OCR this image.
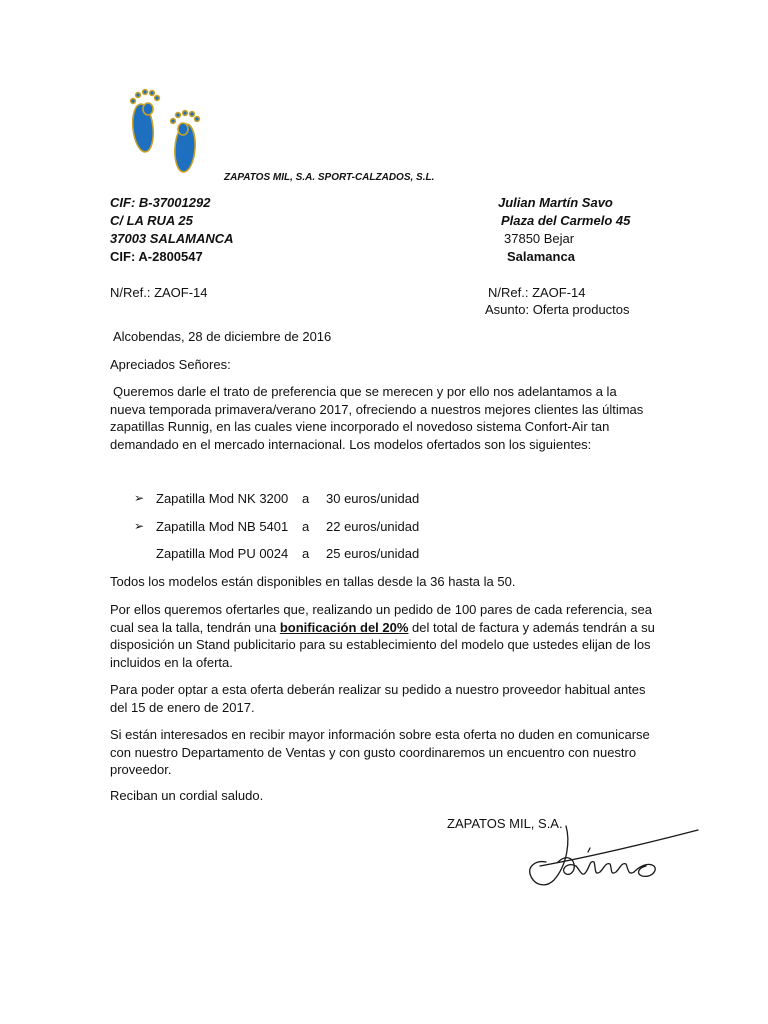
ZAPATOS MIL, S.A. SPORT-CALZADOS, S.L.
CIF: B-37001292
C/ LA RUA 25
37003 SALAMANCA
CIF: A-2800547
Julian Martín Savo
Plaza del Carmelo 45
37850 Bejar
Salamanca
N/Ref.: ZAOF-14	N/Ref.: ZAOF-14
Asunto: Oferta productos
Alcobendas, 28 de diciembre de 2016
Apreciados Señores:
Queremos darle el trato de preferencia que se merecen y por ello nos adelantamos a la nueva temporada primavera/verano 2017, ofreciendo a nuestros mejores clientes las últimas zapatillas Runnig, en las cuales viene incorporado el novedoso sistema Confort-Air tan demandado en el mercado internacional. Los modelos ofertados son los siguientes:
➢ Zapatilla Mod NK 3200 a 30 euros/unidad
➢ Zapatilla Mod NB 5401 a 22 euros/unidad
Zapatilla Mod PU 0024 a 25 euros/unidad
Todos los modelos están disponibles en tallas desde la 36 hasta la 50.
Por ellos queremos ofertarles que, realizando un pedido de 100 pares de cada referencia, sea cual sea la talla, tendrán una bonificación del 20% del total de factura y además tendrán a su disposición un Stand publicitario para su establecimiento del modelo que ustedes elijan de los incluidos en la oferta.
Para poder optar a esta oferta deberán realizar su pedido a nuestro proveedor habitual antes del 15 de enero de 2017.
Si están interesados en recibir mayor información sobre esta oferta no duden en comunicarse con nuestro Departamento de Ventas y con gusto coordinaremos un encuentro con nuestro proveedor.
Reciban un cordial saludo.
ZAPATOS MIL, S.A.
